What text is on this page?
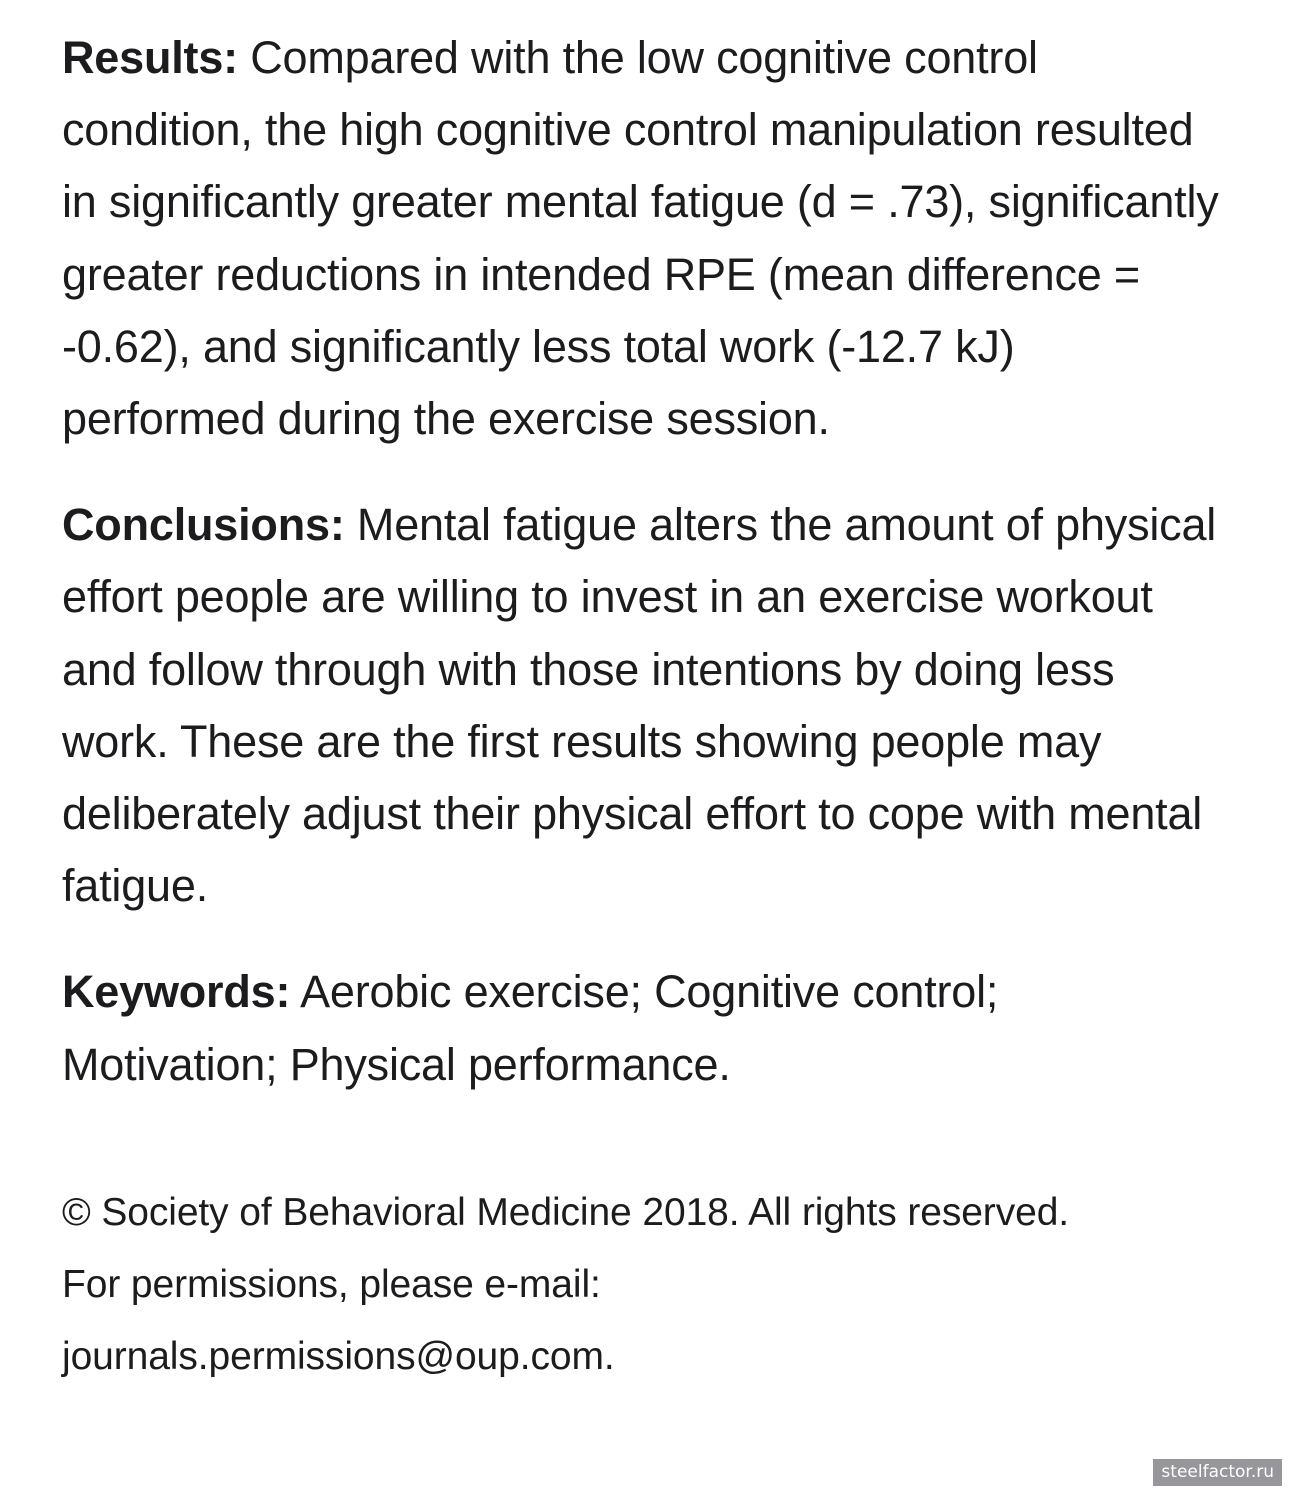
Results: Compared with the low cognitive control condition, the high cognitive control manipulation resulted in significantly greater mental fatigue (d = .73), significantly greater reductions in intended RPE (mean difference = -0.62), and significantly less total work (-12.7 kJ) performed during the exercise session.

Conclusions: Mental fatigue alters the amount of physical effort people are willing to invest in an exercise workout and follow through with those intentions by doing less work. These are the first results showing people may deliberately adjust their physical effort to cope with mental fatigue.

Keywords: Aerobic exercise; Cognitive control; Motivation; Physical performance.

© Society of Behavioral Medicine 2018. All rights reserved.
For permissions, please e-mail:
journals.permissions@oup.com.
steelfactor.ru
